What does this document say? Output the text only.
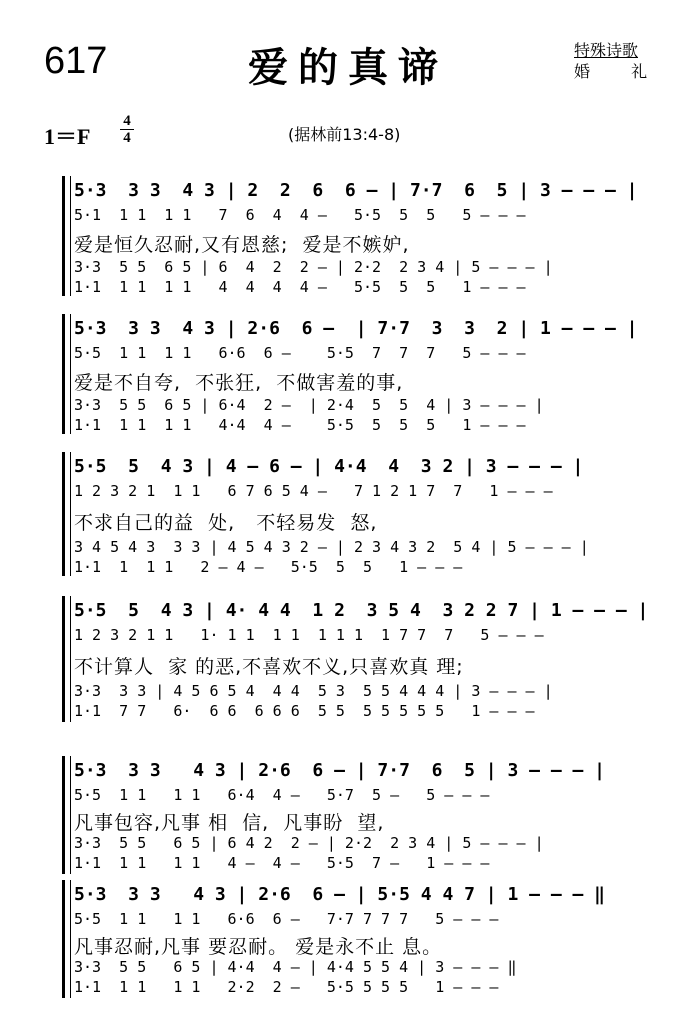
617	爱的真谛	特殊诗歌
婚 礼
1＝F
4
4	(据林前13:4-8)
5·3  3 3  4 3 | 2  2  6  6 – | 7·7  6  5 | 3 – – – |
5·1  1 1  1 1   7  6  4  4 –   5·5  5  5   5 – – –
爱是恒久忍耐,又有恩慈;  爱是不嫉妒,
3·3  5 5  6 5 | 6  4  2  2 – | 2·2  2 3 4 | 5 – – – |
1·1  1 1  1 1   4  4  4  4 –   5·5  5  5   1 – – –
5·3  3 3  4 3 | 2·6  6 –  | 7·7  3  3  2 | 1 – – – |
5·5  1 1  1 1   6·6  6 –    5·5  7  7  7   5 – – –
爱是不自夸,  不张狂,  不做害羞的事,
3·3  5 5  6 5 | 6·4  2 –  | 2·4  5  5  4 | 3 – – – |
1·1  1 1  1 1   4·4  4 –    5·5  5  5  5   1 – – –
5·5  5  4 3 | 4 – 6 – | 4·4  4  3 2 | 3 – – – |
1 2 3 2 1  1 1   6 7 6 5 4 –   7 1 2 1 7  7   1 – – –
不求自己的益  处,   不轻易发  怒,
3 4 5 4 3  3 3 | 4 5 4 3 2 – | 2 3 4 3 2  5 4 | 5 – – – |
1·1  1  1 1   2 – 4 –   5·5  5  5   1 – – –
5·5  5  4 3 | 4· 4 4  1 2  3 5 4  3 2 2 7 | 1 – – – |
1 2 3 2 1 1   1· 1 1  1 1  1 1 1  1 7 7  7   5 – – –
不计算人  家 的恶,不喜欢不义,只喜欢真 理;
3·3  3 3 | 4 5 6 5 4  4 4  5 3  5 5 4 4 4 | 3 – – – |
1·1  7 7   6·  6 6  6 6 6  5 5  5 5 5 5 5   1 – – –
5·3  3 3   4 3 | 2·6  6 – | 7·7  6  5 | 3 – – – |
5·5  1 1   1 1   6·4  4 –   5·7  5 –   5 – – –
凡事包容,凡事 相  信,  凡事盼  望,
3·3  5 5   6 5 | 6 4 2  2 – | 2·2  2 3 4 | 5 – – – |
1·1  1 1   1 1   4 –  4 –   5·5  7 –   1 – – –
5·3  3 3   4 3 | 2·6  6 – | 5·5 4 4 7 | 1 – – – ‖
5·5  1 1   1 1   6·6  6 –   7·7 7 7 7   5 – – –
凡事忍耐,凡事 要忍耐。 爱是永不止 息。
3·3  5 5   6 5 | 4·4  4 – | 4·4 5 5 4 | 3 – – – ‖
1·1  1 1   1 1   2·2  2 –   5·5 5 5 5   1 – – –
